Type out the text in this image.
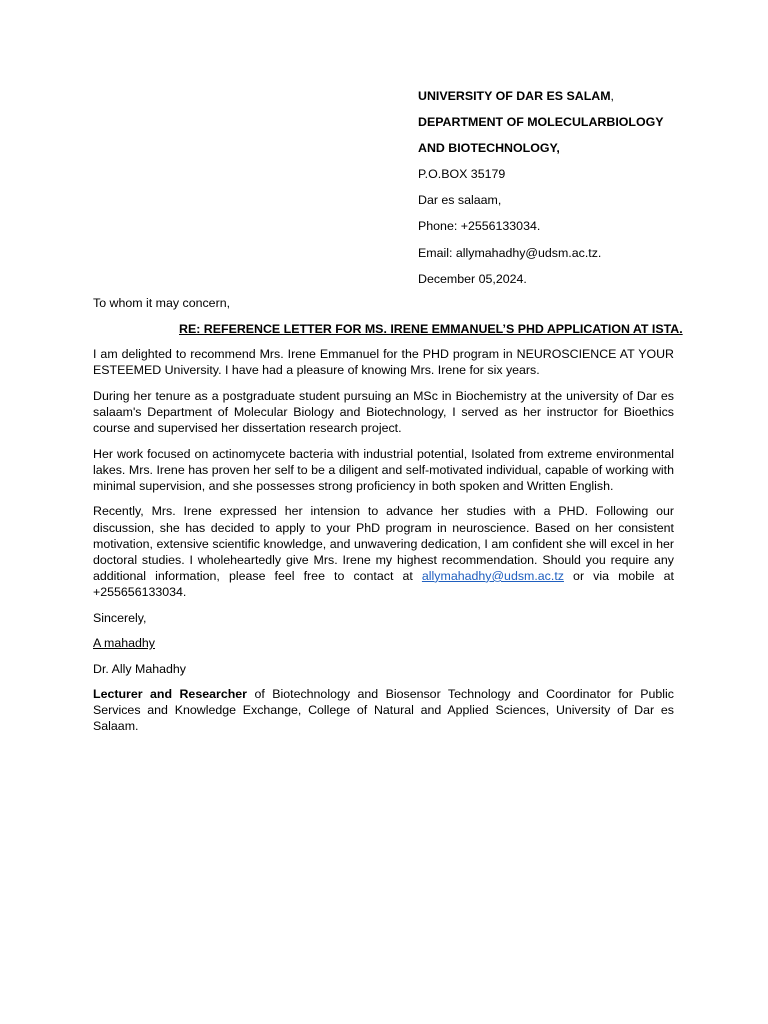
UNIVERSITY OF DAR ES SALAM,

DEPARTMENT OF MOLECULARBIOLOGY

AND BIOTECHNOLOGY,

P.O.BOX 35179

Dar es salaam,

Phone: +2556133034.

Email: allymahadhy@udsm.ac.tz.

December 05,2024.

To whom it may concern,

RE: REFERENCE LETTER FOR MS. IRENE EMMANUEL’S PHD APPLICATION AT ISTA.

I am delighted to recommend Mrs. Irene Emmanuel for the PHD program in NEUROSCIENCE AT YOUR ESTEEMED University. I have had a pleasure of knowing Mrs. Irene for six years.

During her tenure as a postgraduate student pursuing an MSc in Biochemistry at the university of Dar es salaam's Department of Molecular Biology and Biotechnology, I served as her instructor for Bioethics course and supervised her dissertation research project.

Her work focused on actinomycete bacteria with industrial potential, Isolated from extreme environmental lakes. Mrs. Irene has proven her self to be a diligent and self-motivated individual, capable of working with minimal supervision, and she possesses strong proficiency in both spoken and Written English.

Recently, Mrs. Irene expressed her intension to advance her studies with a PHD. Following our discussion, she has decided to apply to your PhD program in neuroscience. Based on her consistent motivation, extensive scientific knowledge, and unwavering dedication, I am confident she will excel in her doctoral studies. I wholeheartedly give Mrs. Irene my highest recommendation. Should you require any additional information, please feel free to contact at allymahadhy@udsm.ac.tz or via mobile at +255656133034.

Sincerely,

A mahadhy

Dr. Ally Mahadhy

Lecturer and Researcher of Biotechnology and Biosensor Technology and Coordinator for Public Services and Knowledge Exchange, College of Natural and Applied Sciences, University of Dar es Salaam.
